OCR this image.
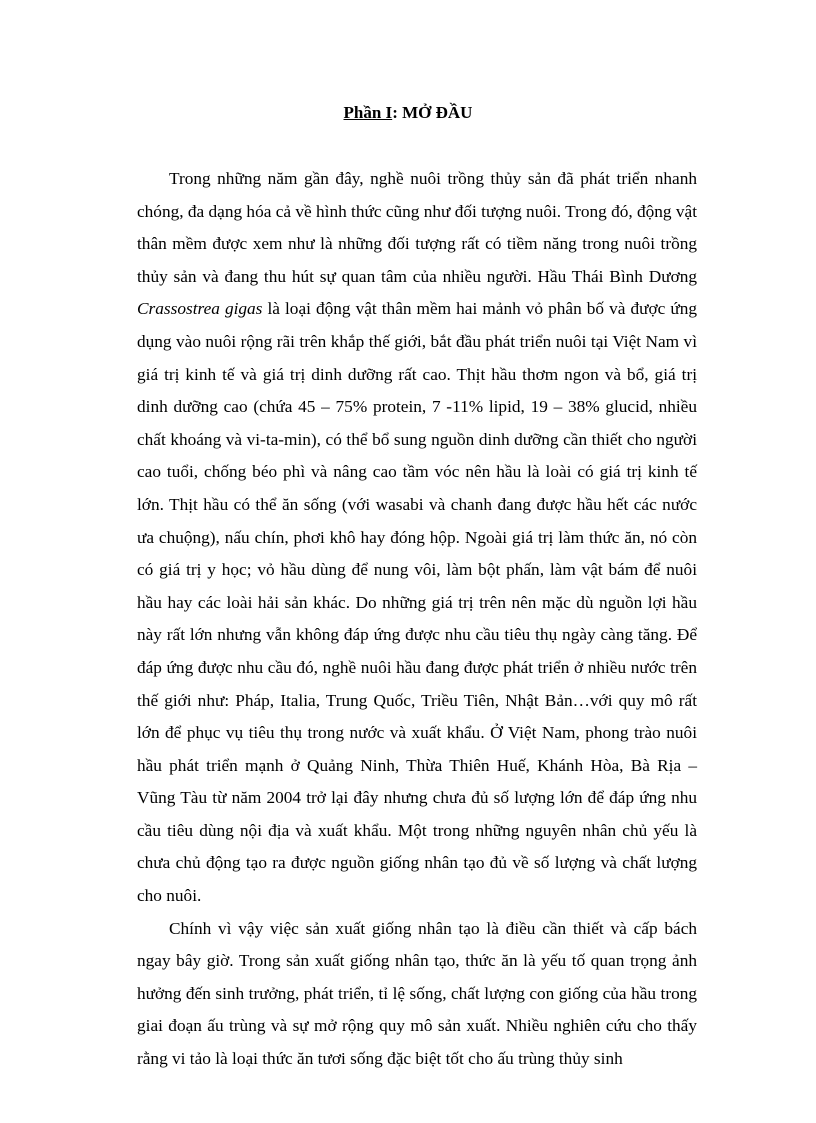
Phần I: MỞ ĐẦU

Trong những năm gần đây, nghề nuôi trồng thủy sản đã phát triển nhanh chóng, đa dạng hóa cả về hình thức cũng như đối tượng nuôi. Trong đó, động vật thân mềm được xem như là những đối tượng rất có tiềm năng trong nuôi trồng thủy sản và đang thu hút sự quan tâm của nhiều người. Hầu Thái Bình Dương Crassostrea gigas là loại động vật thân mềm hai mảnh vỏ phân bố và được ứng dụng vào nuôi rộng rãi trên khắp thế giới, bắt đầu phát triển nuôi tại Việt Nam vì giá trị kinh tế và giá trị dinh dưỡng rất cao. Thịt hầu thơm ngon và bổ, giá trị dinh dưỡng cao (chứa 45 – 75% protein, 7 -11% lipid, 19 – 38% glucid, nhiều chất khoáng và vi-ta-min), có thể bổ sung nguồn dinh dưỡng cần thiết cho người cao tuổi, chống béo phì và nâng cao tầm vóc nên hầu là loài có giá trị kinh tế lớn. Thịt hầu có thể ăn sống (với wasabi và chanh đang được hầu hết các nước ưa chuộng), nấu chín, phơi khô hay đóng hộp. Ngoài giá trị làm thức ăn, nó còn có giá trị y học; vỏ hầu dùng để nung vôi, làm bột phấn, làm vật bám để nuôi hầu hay các loài hải sản khác. Do những giá trị trên nên mặc dù nguồn lợi hầu này rất lớn nhưng vẫn không đáp ứng được nhu cầu tiêu thụ ngày càng tăng. Để đáp ứng được nhu cầu đó, nghề nuôi hầu đang được phát triển ở nhiều nước trên thế giới như: Pháp, Italia, Trung Quốc, Triều Tiên, Nhật Bản…với quy mô rất lớn để phục vụ tiêu thụ trong nước và xuất khẩu. Ở Việt Nam, phong trào nuôi hầu phát triển mạnh ở Quảng Ninh, Thừa Thiên Huế, Khánh Hòa, Bà Rịa – Vũng Tàu từ năm 2004 trở lại đây nhưng chưa đủ số lượng lớn để đáp ứng nhu cầu tiêu dùng nội địa và xuất khẩu. Một trong những nguyên nhân chủ yếu là chưa chủ động tạo ra được nguồn giống nhân tạo đủ về số lượng và chất lượng cho nuôi.

Chính vì vậy việc sản xuất giống nhân tạo là điều cần thiết và cấp bách ngay bây giờ. Trong sản xuất giống nhân tạo, thức ăn là yếu tố quan trọng ảnh hưởng đến sinh trưởng, phát triển, tỉ lệ sống, chất lượng con giống của hầu trong giai đoạn ấu trùng và sự mở rộng quy mô sản xuất. Nhiều nghiên cứu cho thấy rằng vi tảo là loại thức ăn tươi sống đặc biệt tốt cho ấu trùng thủy sinh
